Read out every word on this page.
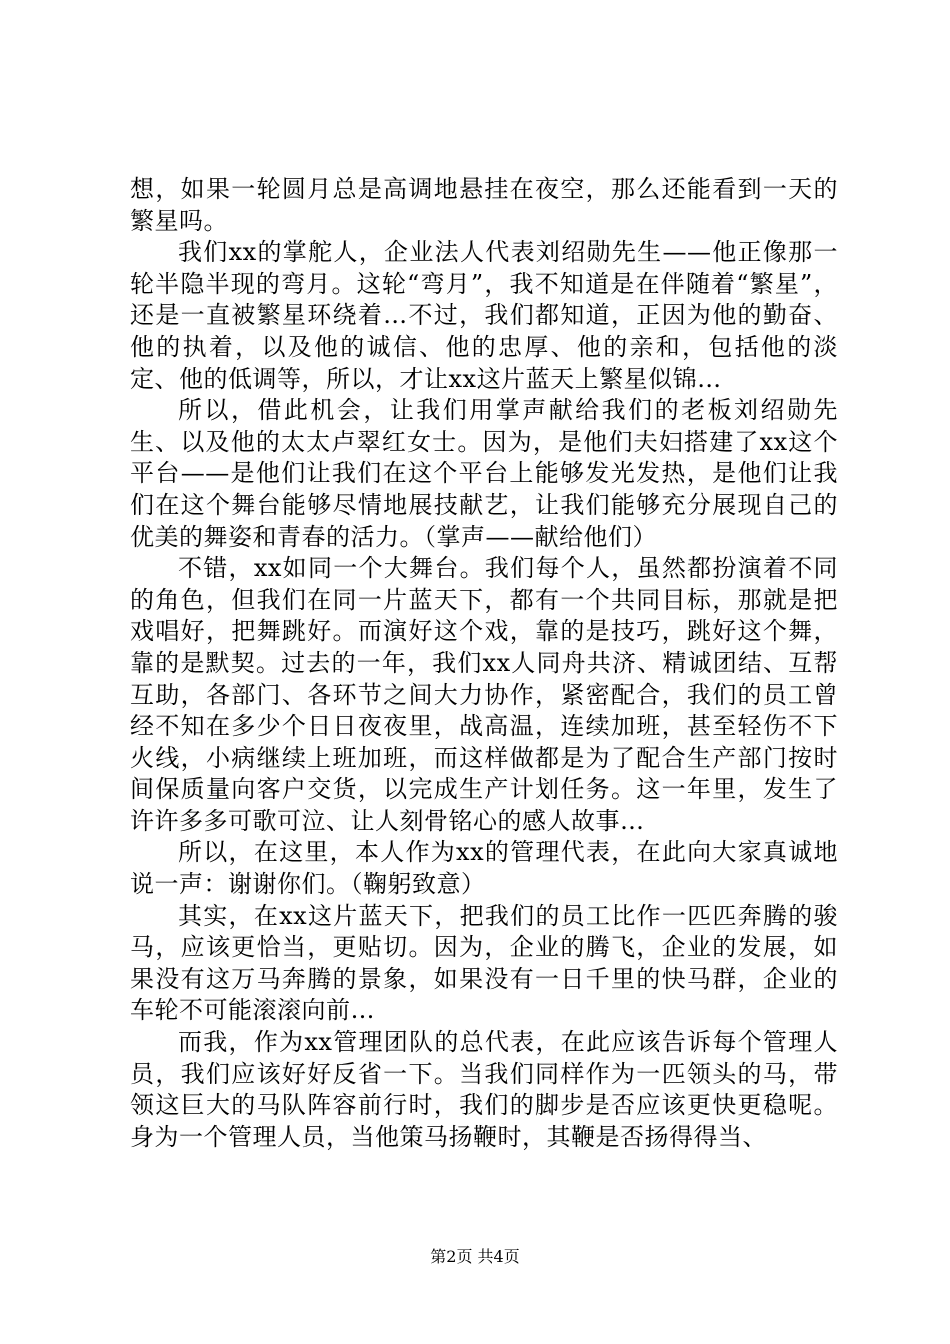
想，如果一轮圆月总是高调地悬挂在夜空，那么还能看到一天的繁星吗。

我们xx的掌舵人，企业法人代表刘绍勋先生——他正像那一轮半隐半现的弯月。这轮“弯月”，我不知道是在伴随着“繁星”，还是一直被繁星环绕着…不过，我们都知道，正因为他的勤奋、他的执着，以及他的诚信、他的忠厚、他的亲和，包括他的淡定、他的低调等，所以，才让xx这片蓝天上繁星似锦…

所以，借此机会，让我们用掌声献给我们的老板刘绍勋先生、以及他的太太卢翠红女士。因为，是他们夫妇搭建了xx这个平台——是他们让我们在这个平台上能够发光发热，是他们让我们在这个舞台能够尽情地展技献艺，让我们能够充分展现自己的优美的舞姿和青春的活力。（掌声——献给他们）

不错，xx如同一个大舞台。我们每个人，虽然都扮演着不同的角色，但我们在同一片蓝天下，都有一个共同目标，那就是把戏唱好，把舞跳好。而演好这个戏，靠的是技巧，跳好这个舞，靠的是默契。过去的一年，我们xx人同舟共济、精诚团结、互帮互助，各部门、各环节之间大力协作，紧密配合，我们的员工曾经不知在多少个日日夜夜里，战高温，连续加班，甚至轻伤不下火线，小病继续上班加班，而这样做都是为了配合生产部门按时间保质量向客户交货，以完成生产计划任务。这一年里，发生了许许多多可歌可泣、让人刻骨铭心的感人故事…

所以，在这里，本人作为xx的管理代表，在此向大家真诚地说一声：谢谢你们。（鞠躬致意）

其实，在xx这片蓝天下，把我们的员工比作一匹匹奔腾的骏马，应该更恰当，更贴切。因为，企业的腾飞，企业的发展，如果没有这万马奔腾的景象，如果没有一日千里的快马群，企业的车轮不可能滚滚向前…

而我，作为xx管理团队的总代表，在此应该告诉每个管理人员，我们应该好好反省一下。当我们同样作为一匹领头的马，带领这巨大的马队阵容前行时，我们的脚步是否应该更快更稳呢。身为一个管理人员，当他策马扬鞭时，其鞭是否扬得得当、

第2页 共4页
